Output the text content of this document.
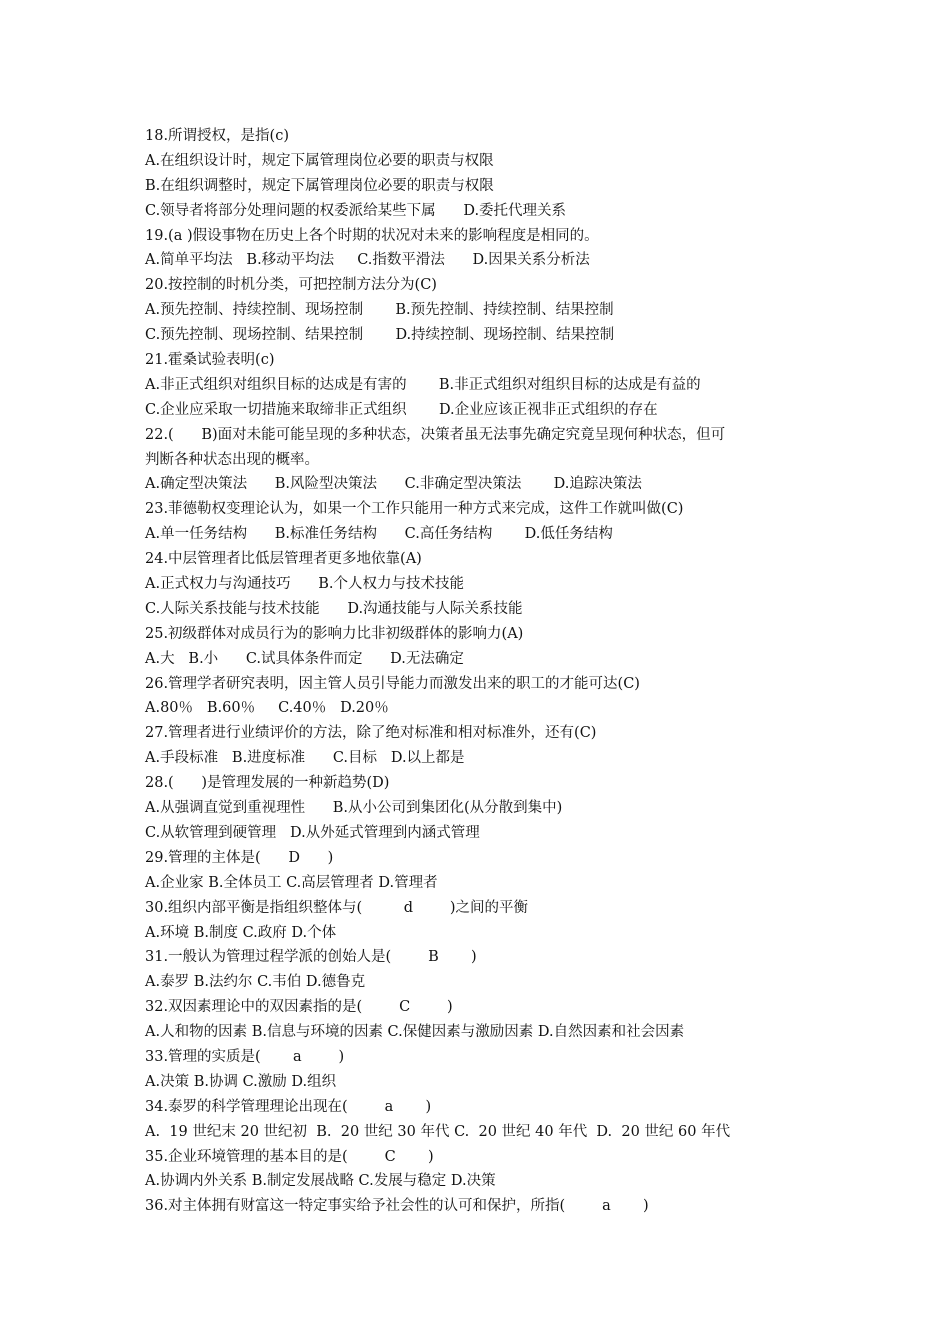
18.所谓授权，是指(c)
A.在组织设计时，规定下属管理岗位必要的职责与权限
B.在组织调整时，规定下属管理岗位必要的职责与权限
C.领导者将部分处理问题的权委派给某些下属      D.委托代理关系
19.(a )假设事物在历史上各个时期的状况对未来的影响程度是相同的。
A.简单平均法   B.移动平均法     C.指数平滑法      D.因果关系分析法
20.按控制的时机分类，可把控制方法分为(C)
A.预先控制、持续控制、现场控制       B.预先控制、持续控制、结果控制
C.预先控制、现场控制、结果控制       D.持续控制、现场控制、结果控制
21.霍桑试验表明(c)
A.非正式组织对组织目标的达成是有害的       B.非正式组织对组织目标的达成是有益的
C.企业应采取一切措施来取缔非正式组织       D.企业应该正视非正式组织的存在
22.(      B)面对未能可能呈现的多种状态，决策者虽无法事先确定究竟呈现何种状态，但可
判断各种状态出现的概率。
A.确定型决策法      B.风险型决策法      C.非确定型决策法       D.追踪决策法
23.菲德勒权变理论认为，如果一个工作只能用一种方式来完成，这件工作就叫做(C)
A.单一任务结构      B.标准任务结构      C.高任务结构       D.低任务结构
24.中层管理者比低层管理者更多地依靠(A)
A.正式权力与沟通技巧      B.个人权力与技术技能
C.人际关系技能与技术技能      D.沟通技能与人际关系技能
25.初级群体对成员行为的影响力比非初级群体的影响力(A)
A.大   B.小      C.试具体条件而定      D.无法确定
26.管理学者研究表明，因主管人员引导能力而激发出来的职工的才能可达(C)
A.80％   B.60％     C.40％   D.20％
27.管理者进行业绩评价的方法，除了绝对标准和相对标准外，还有(C)
A.手段标准   B.进度标准      C.目标   D.以上都是
28.(      )是管理发展的一种新趋势(D)
A.从强调直觉到重视理性      B.从小公司到集团化(从分散到集中)
C.从软管理到硬管理   D.从外延式管理到内涵式管理
29.管理的主体是(      D      )
A.企业家 B.全体员工 C.高层管理者 D.管理者
30.组织内部平衡是指组织整体与(         d        )之间的平衡
A.环境 B.制度 C.政府 D.个体
31.一般认为管理过程学派的创始人是(        B       )
A.泰罗 B.法约尔 C.韦伯 D.德鲁克
32.双因素理论中的双因素指的是(        C        )
A.人和物的因素 B.信息与环境的因素 C.保健因素与激励因素 D.自然因素和社会因素
33.管理的实质是(       a        )
A.决策 B.协调 C.激励 D.组织
34.泰罗的科学管理理论出现在(        a       )
A.  19 世纪末 20 世纪初  B.  20 世纪 30 年代 C.  20 世纪 40 年代  D.  20 世纪 60 年代
35.企业环境管理的基本目的是(        C       )
A.协调内外关系 B.制定发展战略 C.发展与稳定 D.决策
36.对主体拥有财富这一特定事实给予社会性的认可和保护，所指(        a       )
